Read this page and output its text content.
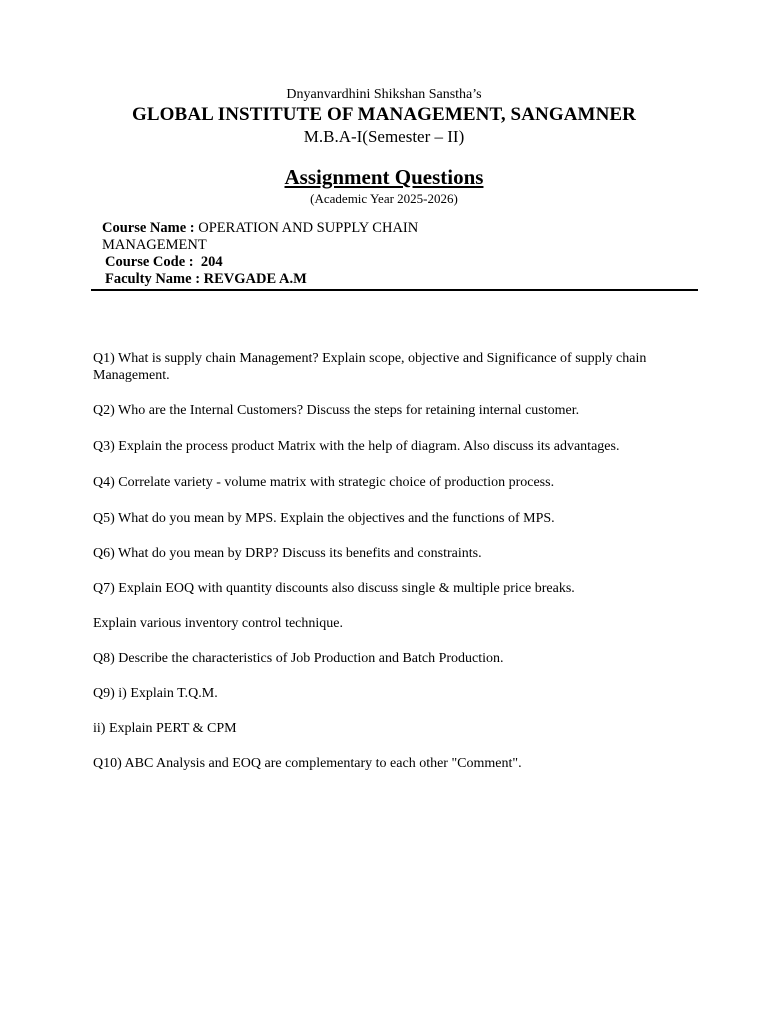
Dnyanvardhini Shikshan Sanstha’s
GLOBAL INSTITUTE OF MANAGEMENT, SANGAMNER
M.B.A-I(Semester – II)
Assignment Questions
(Academic Year 2025-2026)
Course Name : OPERATION AND SUPPLY CHAIN MANAGEMENT
Course Code : 204
Faculty Name : REVGADE A.M

Q1) What is supply chain Management? Explain scope, objective and Significance of supply chain Management.

Q2) Who are the Internal Customers? Discuss the steps for retaining internal customer.

Q3) Explain the process product Matrix with the help of diagram. Also discuss its advantages.

Q4) Correlate variety - volume matrix with strategic choice of production process.

Q5) What do you mean by MPS. Explain the objectives and the functions of MPS.

Q6) What do you mean by DRP? Discuss its benefits and constraints.

Q7) Explain EOQ with quantity discounts also discuss single & multiple price breaks.

Explain various inventory control technique.

Q8) Describe the characteristics of Job Production and Batch Production.

Q9) i) Explain T.Q.M.

ii) Explain PERT & CPM

Q10) ABC Analysis and EOQ are complementary to each other "Comment".
